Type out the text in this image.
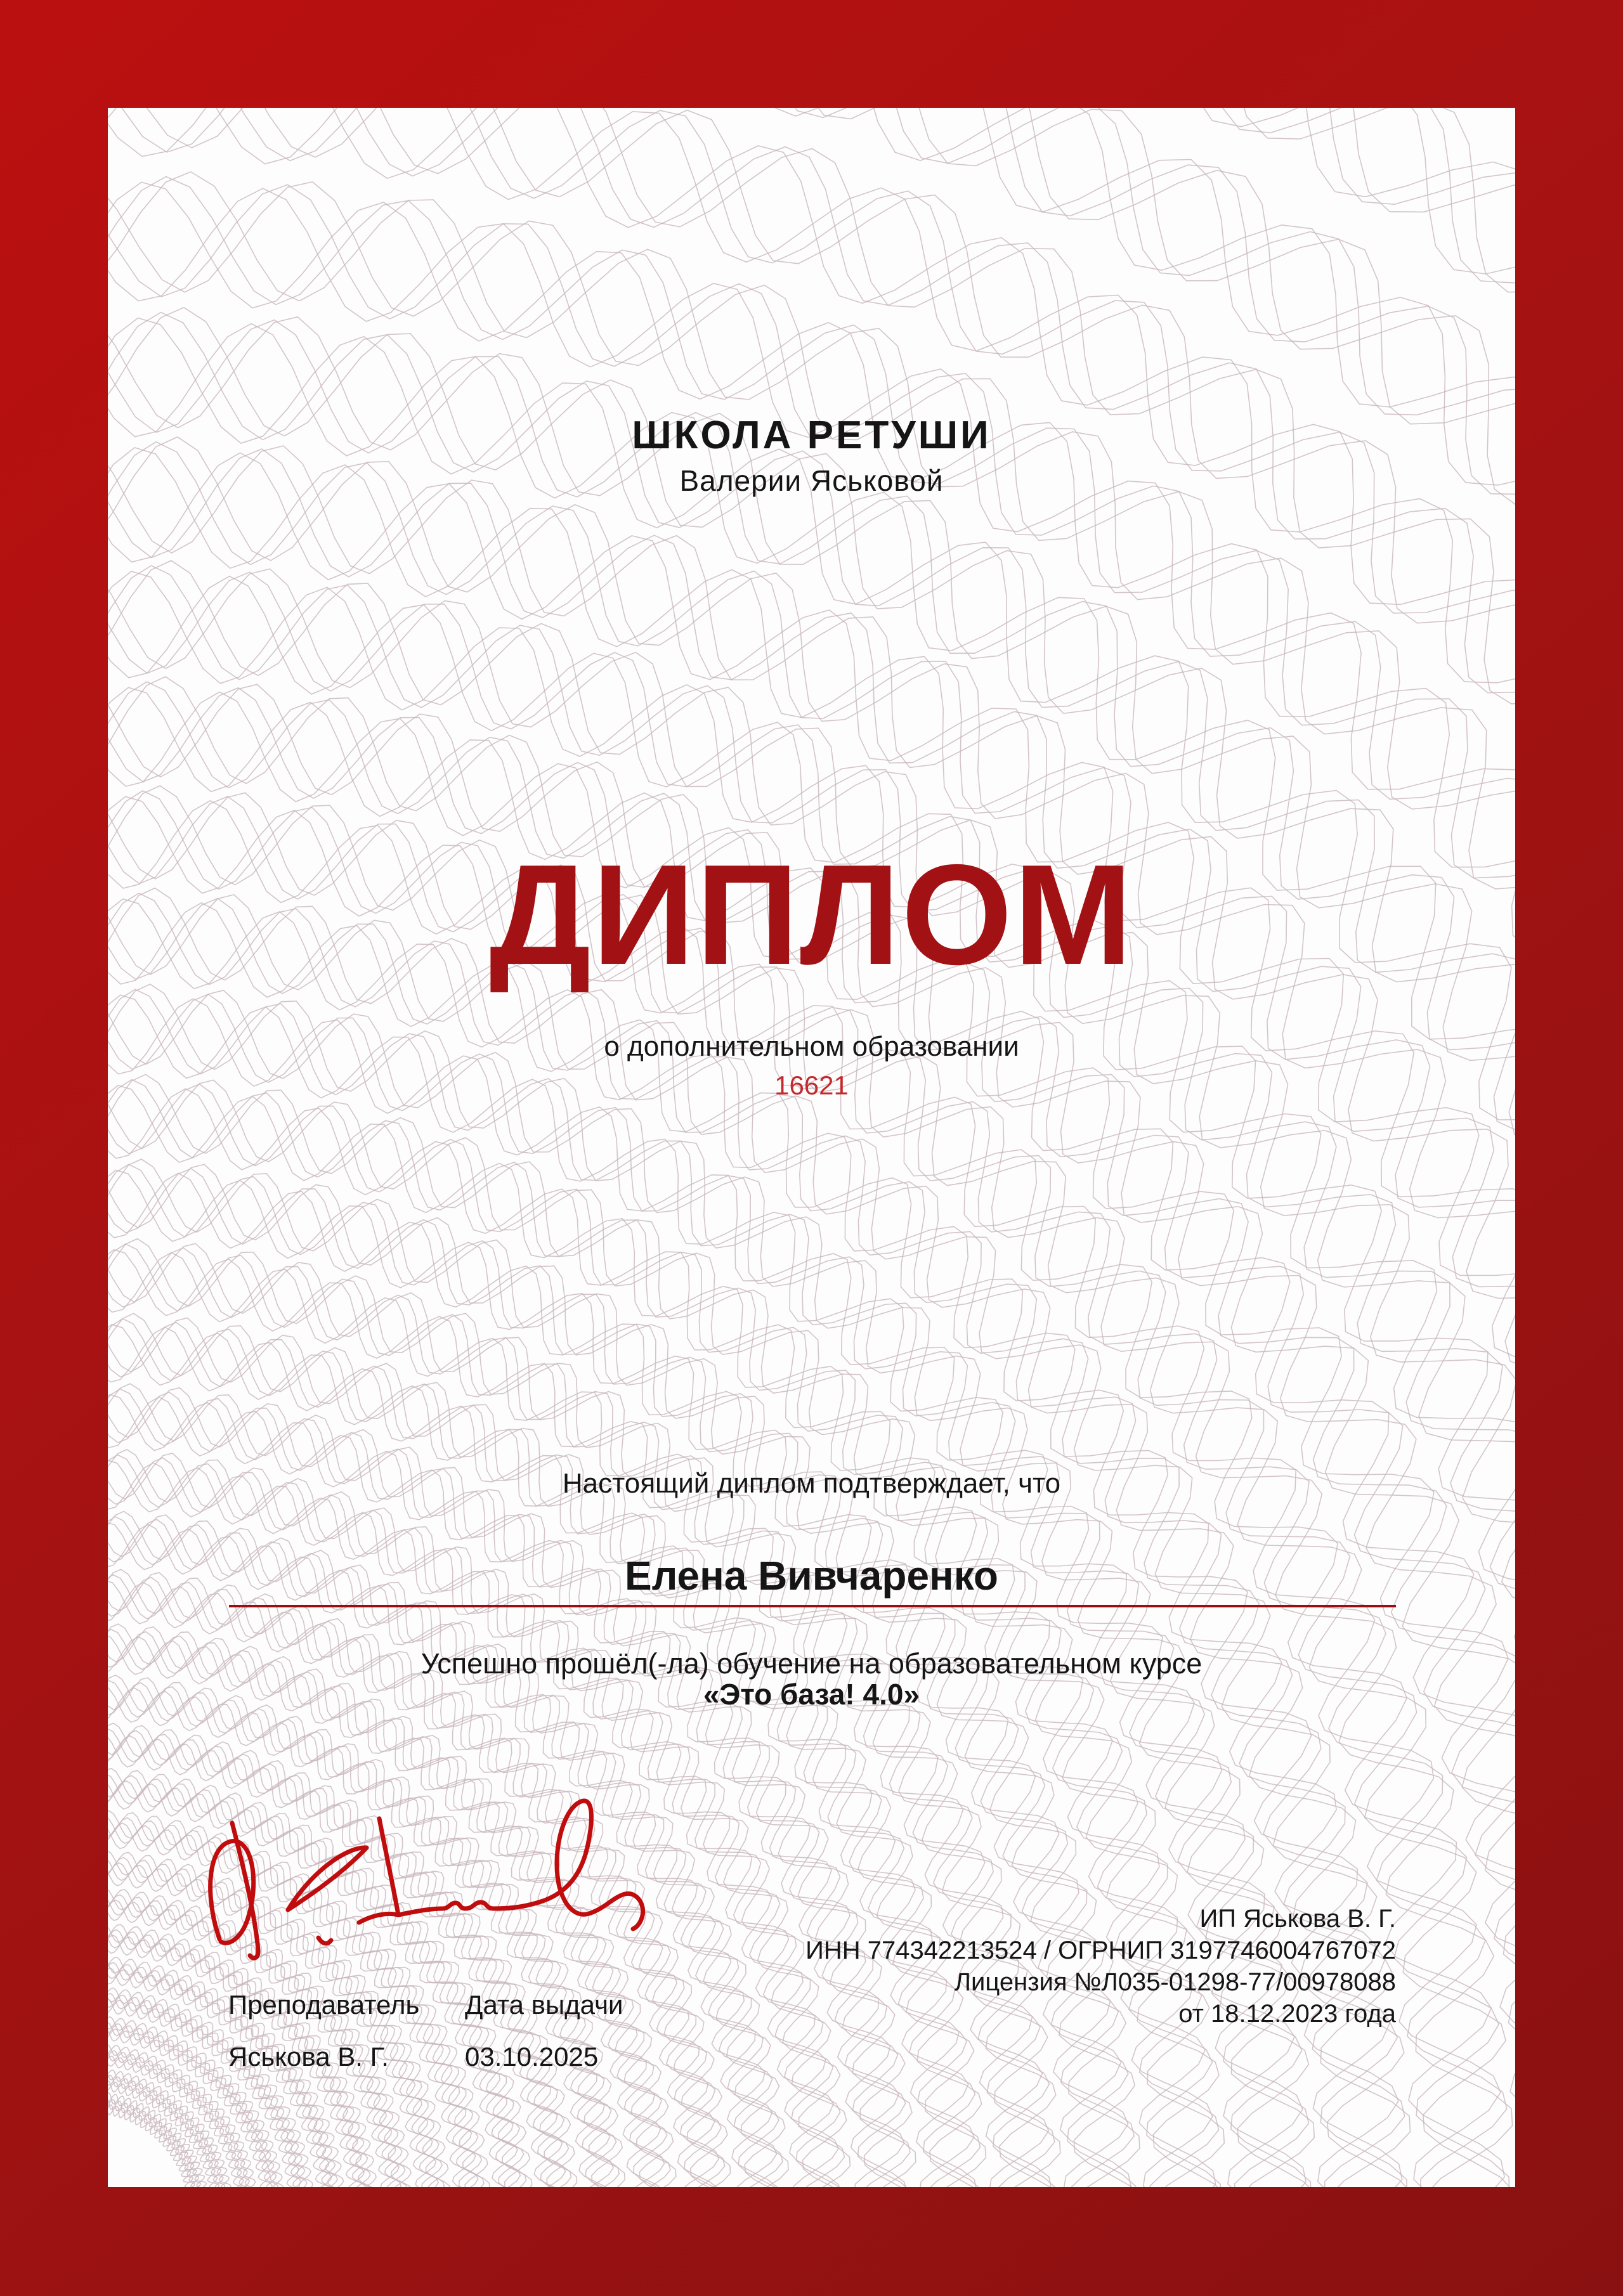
ШКОЛА РЕТУШИ
Валерии Яськовой
ДИПЛОМ
о дополнительном образовании
16621
Настоящий диплом подтверждает, что
Елена Вивчаренко
Успешно прошёл(-ла) обучение на образовательном курсе
«Это база! 4.0»
Преподаватель
Яськова В. Г.
Дата выдачи
03.10.2025
ИП Яськова В. Г.
ИНН 774342213524 / ОГРНИП 3197746004767072
Лицензия №Л035-01298-77/00978088
от 18.12.2023 года
